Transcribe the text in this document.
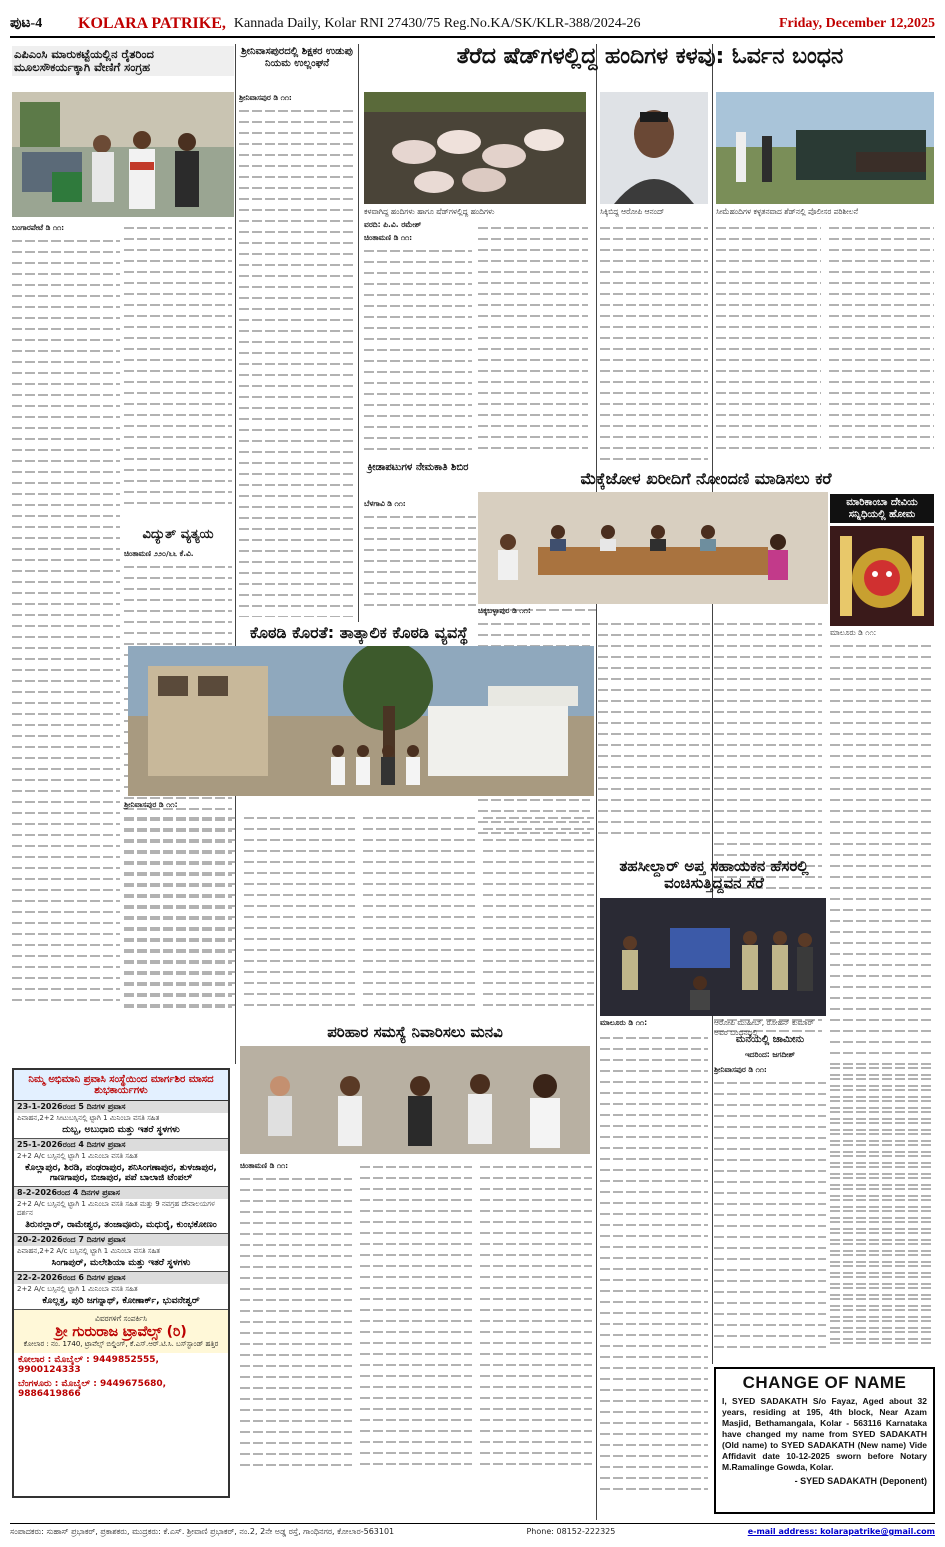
ಪುಟ-4	KOLARA PATRIKE, Kannada Daily, Kolar RNI 27430/75 Reg.No.KA/SK/KLR-388/2024-26	Friday, December 12,2025
ಎಪಿಎಂಸಿ ಮಾರುಕಟ್ಟೆಯಲ್ಲಿನ ರೈತರಿಂದ ಮೂಲಸೌಕರ್ಯಕ್ಕಾಗಿ ವೇಣಿಗೆ ಸಂಗ್ರಹ

ಬಂಗಾರಪೇಟೆ ಡಿ ೧೧:

ವಿದ್ಯುತ್ ವ್ಯತ್ಯಯ

ಚಿಂತಾಮಣಿ ೨೨೦/೬೬ ಕೆ.ವಿ.

ಶ್ರೀನಿವಾಸಪುರದಲ್ಲಿ ಶಿಕ್ಷಕರ ಉಡುಪು ನಿಯಮ ಉಲ್ಲಂಘನೆ

ಶ್ರೀನಿವಾಸಪುರ ಡಿ ೧೧:

ತೆರೆದ ಷೆಡ್‌ಗಳಲ್ಲಿದ್ದ ಹಂದಿಗಳ ಕಳವು: ಓರ್ವನ ಬಂಧನ
ಕಳವಾಗಿದ್ದ ಹಂದಿಗಳು ಹಾಗೂ ಷೆಡ್‌ಗಳಲ್ಲಿದ್ದ ಹಂದಿಗಳು
ವರದಿ: ಪಿ.ವಿ. ರಮೇಶ್
ಸಿಕ್ಕಿಬಿದ್ದ ಆರೋಪಿ ಆನಂದ್	ಸೀಮೆಹಂದಿಗಳ ಕಳ್ಳತನವಾದ ಶೆಡ್‌ನಲ್ಲಿ ಪೊಲೀಸರ ಪರಿಶೀಲನೆ

ಚಿಂತಾಮಣಿ ಡಿ ೧೧:

ಕ್ರೀಡಾಪಟುಗಳ ನೇಮಕಾತಿ ಶಿಬಿರ

ಬೆಳಗಾವಿ ಡಿ ೧೧:

ಮೆಕ್ಕೆಜೋಳ ಖರೀದಿಗೆ ನೋಂದಣಿ ಮಾಡಿಸಲು ಕರೆ
ಚಿಕ್ಕಬಳ್ಳಾಪುರ ಡಿ ೧೧:
ಮಾರಿಕಾಂಬಾ ದೇವಿಯ ಸನ್ನಿಧಿಯಲ್ಲಿ ಹೋಮ
ಮಾಲೂರು ಡಿ ೧೧:
ಕೊಠಡಿ ಕೊರತೆ: ತಾತ್ಕಾಲಿಕ ಕೊಠಡಿ ವ್ಯವಸ್ಥೆ
ಶ್ರೀನಿವಾಸಪುರ ಡಿ ೧೧:
ತಹಸೀಲ್ದಾರ್ ಅಪ್ತ ಸಹಾಯಕನ ಹೆಸರಲ್ಲಿ ವಂಚಿಸುತ್ತಿದ್ದವನ ಸೆರೆ
ಮಾಲೂರು ಡಿ ೧೧:	ಆರೋಪಿ ಮುಹೀಬ್, ರೋಹನ್ ಕುಮಾರ್ ಅವರ ಬಂಧನದಲ್ಲಿ
ಮನೆಯಲ್ಲಿ ಜಾಮೀನು
ಇದರಿಂದ: ಜಗದೀಶ್

ಶ್ರೀನಿವಾಸಪುರ ಡಿ ೧೧:

ಪರಿಹಾರ ಸಮಸ್ಯೆ ನಿವಾರಿಸಲು ಮನವಿ

ಚಿಂತಾಮಣಿ ಡಿ ೧೧:

ನಿಮ್ಮ ಅಭಿಮಾನಿ ಪ್ರವಾಸಿ ಸಂಸ್ಥೆಯಿಂದ ಮಾರ್ಗಶಿರ ಮಾಸದ ಶುಭಕಾರ್ಯಗಳು
23-1-2026ರಂದ 5 ದಿನಗಳ ಪ್ರವಾಸ
ಪಿವಾಹನ,2+2 ಸೀಟುಬಸ್ಸಿನಲ್ಲಿ ಟ್ಟಾಗಿ 1 ಮಿನಿಂಬಾ ವಸತಿ ಸಹಿತ
ದುಬ್ಬ, ಅಬುಧಾಬಿ ಮತ್ತು ಇತರೆ ಸ್ಥಳಗಳು
25-1-2026ರಂದ 4 ದಿನಗಳ ಪ್ರವಾಸ
2+2 A/c ಬಸ್ಸಿನಲ್ಲಿ ಟ್ಟಾಗಿ 1 ಮಿನಿಂಬಾ ವಸತಿ ಸಹಿತ
ಕೊಲ್ಲಾಪುರ, ಶಿರಡಿ, ಪಂಢರಾಪುರ, ಶನಿಸಿಂಗಣಾಪುರ, ತುಳಜಾಪುರ, ಗಾಣಗಾಪುರ, ಬಿಜಾಪುರ, ಪಪೆ ಬಾಲಾಜಿ ಟೆಂಪಲ್
8-2-2026ರಂದ 4 ದಿನಗಳ ಪ್ರವಾಸ
2+2 A/c ಬಸ್ಸಿನಲ್ಲಿ ಟ್ಟಾಗಿ 1 ಮಿನಿಂಬಾ ವಸತಿ ಸಹಿತ ಮತ್ತು 9 ನವಗ್ರಹ ದೇವಾಲಯಗಳ ದರ್ಶನ
ತಿರುನಲ್ಲಾರ್, ರಾಮೇಶ್ವರ, ತಂಜಾವೂರು, ಮಧುರೈ, ಕುಂಭಕೋಣಂ
20-2-2026ರಂದ 7 ದಿನಗಳ ಪ್ರವಾಸ
ಪಿವಾಹನ,2+2 A/c ಬಸ್ಸಿನಲ್ಲಿ ಟ್ಟಾಗಿ 1 ಮಿನಿಂಬಾ ವಸತಿ ಸಹಿತ
ಸಿಂಗಾಪುರ್, ಮಲೇಶಿಯಾ ಮತ್ತು ಇತರೆ ಸ್ಥಳಗಳು
22-2-2026ರಂದ 6 ದಿನಗಳ ಪ್ರವಾಸ
2+2 A/c ಬಸ್ಸಿನಲ್ಲಿ ಟ್ಟಾಗಿ 1 ಮಿನಿಂಬಾ ವಸತಿ ಸಹಿತ
ಕೊಲ್ಲತ್ತ, ಪುರಿ ಜಗನ್ನಾಥ್, ಕೋಣಾರ್ಕ್, ಭುವನೇಶ್ವರ್
ವಿವರಗಳಿಗೆ ಸಂಪರ್ಕಿಸಿ
ಶ್ರೀ ಗುರುರಾಜ ಟ್ರಾವೆಲ್ಸ್ (ರಿ)
ಕೋಲಾರ : ನಂ. 1740, ಟ್ರಾವೆಲ್ಸ್ ಬಿಲ್ಡಿಂಗ್, ಕೆ.ಎಸ್.ಆರ್.ಟಿ.ಸಿ. ಬಸ್‌ಸ್ಟಾಂಡ್ ಹತ್ತಿರ
ಕೋಲಾರ : ಮೊಬೈಲ್ : 9449852555, 9900124333
ಬೆಂಗಳೂರು : ಮೊಬೈಲ್ : 9449675680, 9886419866
CHANGE OF NAME
I, SYED SADAKATH S/o Fayaz, Aged about 32 years, residing at 195, 4th block, Near Azam Masjid, Bethamangala, Kolar - 563116 Karnataka have changed my name from SYED SADAKATH (Old name) to SYED SADAKATH (New name) Vide Affidavit date 10-12-2025 sworn before Notary M.Ramalinge Gowda, Kolar.
- SYED SADAKATH (Deponent)
ಸಂಪಾದಕರು: ಸುಹಾಸ್ ಪ್ರಭಾಕರ್, ಪ್ರಕಾಶಕರು, ಮುದ್ರಕರು: ಕೆ.ಎಸ್. ಶ್ರೀವಾಣಿ ಪ್ರಭಾಕರ್, ನಂ.2, 2ನೇ ಅಡ್ಡ ರಸ್ತೆ, ಗಾಂಧಿನಗರ, ಕೋಲಾರ-563101	Phone: 08152-222325	e-mail address: kolarapatrike@gmail.com
